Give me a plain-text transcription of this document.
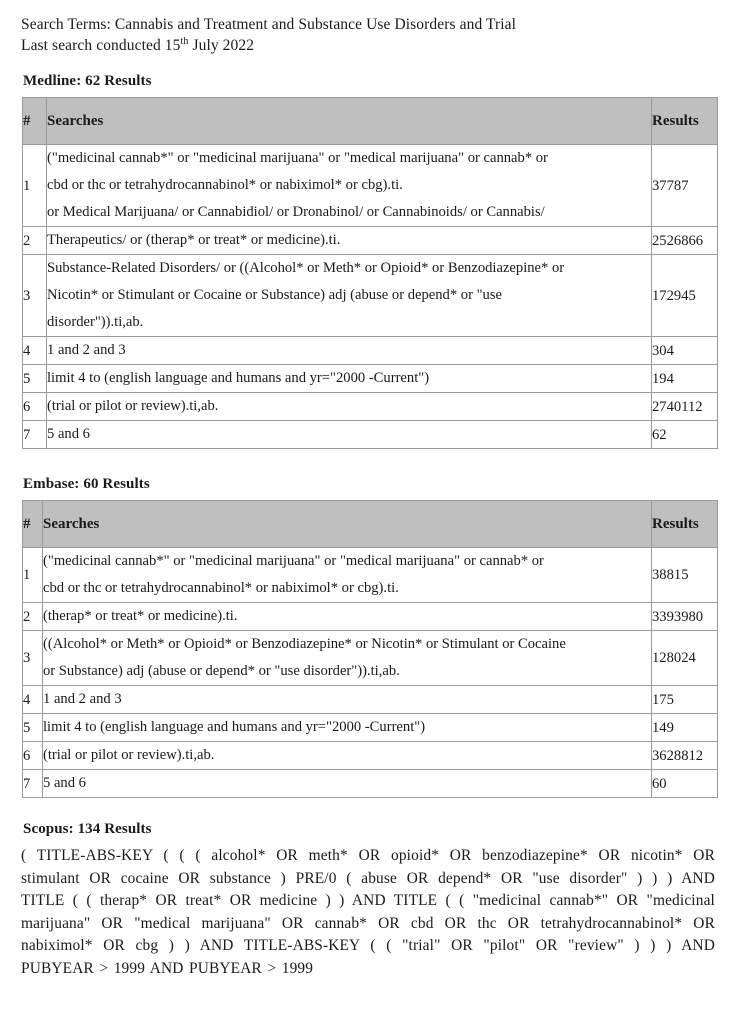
Search Terms: Cannabis and Treatment and Substance Use Disorders and Trial
Last search conducted 15th July 2022
Medline: 62 Results
#	Searches	Results
1	("medicinal cannab*" or "medicinal marijuana" or "medical marijuana" or cannab* or
cbd or thc or tetrahydrocannabinol* or nabiximol* or cbg).ti.
or Medical Marijuana/ or Cannabidiol/ or Dronabinol/ or Cannabinoids/ or Cannabis/	37787
2	Therapeutics/ or (therap* or treat* or medicine).ti.	2526866
3	Substance-Related Disorders/ or ((Alcohol* or Meth* or Opioid* or Benzodiazepine* or
Nicotin* or Stimulant or Cocaine or Substance) adj (abuse or depend* or "use
disorder")).ti,ab.	172945
4	1 and 2 and 3	304
5	limit 4 to (english language and humans and yr="2000 -Current")	194
6	(trial or pilot or review).ti,ab.	2740112
7	5 and 6	62
Embase: 60 Results
#	Searches	Results
1	("medicinal cannab*" or "medicinal marijuana" or "medical marijuana" or cannab* or
cbd or thc or tetrahydrocannabinol* or nabiximol* or cbg).ti.	38815
2	(therap* or treat* or medicine).ti.	3393980
3	((Alcohol* or Meth* or Opioid* or Benzodiazepine* or Nicotin* or Stimulant or Cocaine
or Substance) adj (abuse or depend* or "use disorder")).ti,ab.	128024
4	1 and 2 and 3	175
5	limit 4 to (english language and humans and yr="2000 -Current")	149
6	(trial or pilot or review).ti,ab.	3628812
7	5 and 6	60
Scopus: 134 Results
( TITLE-ABS-KEY ( ( ( alcohol* OR meth* OR opioid* OR benzodiazepine* OR nicotin* OR
stimulant OR cocaine OR substance ) PRE/0 ( abuse OR depend* OR "use disorder" ) ) ) AND
TITLE ( ( therap* OR treat* OR medicine ) ) AND TITLE ( ( "medicinal cannab*" OR "medicinal
marijuana" OR "medical marijuana" OR cannab* OR cbd OR thc OR tetrahydrocannabinol* OR
nabiximol* OR cbg ) ) AND TITLE-ABS-KEY ( ( "trial" OR "pilot" OR "review" ) ) ) AND
PUBYEAR > 1999 AND PUBYEAR > 1999
